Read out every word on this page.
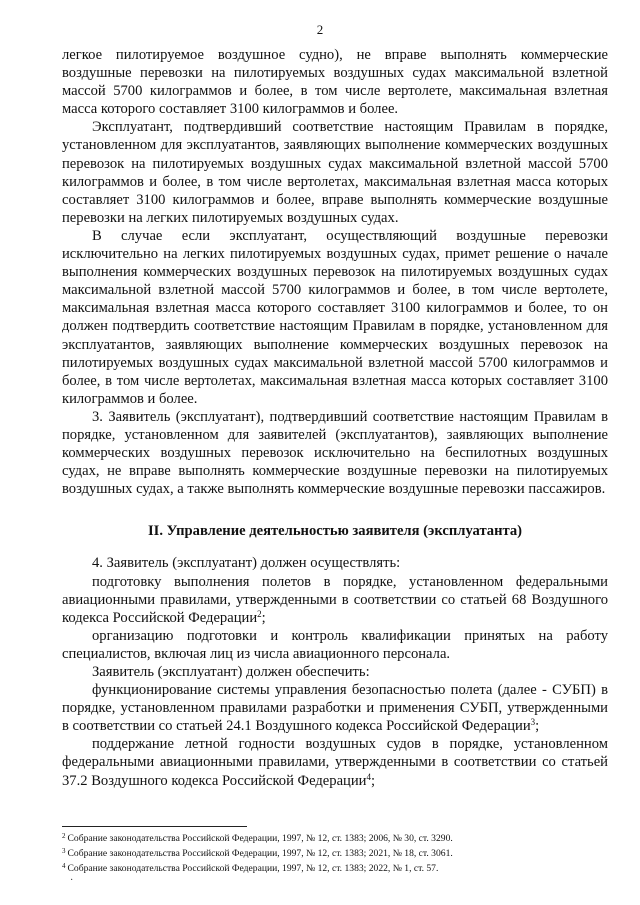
2

легкое пилотируемое воздушное судно), не вправе выполнять коммерческие воздушные перевозки на пилотируемых воздушных судах максимальной взлетной массой 5700 килограммов и более, в том числе вертолете, максимальная взлетная масса которого составляет 3100 килограммов и более.

Эксплуатант, подтвердивший соответствие настоящим Правилам в порядке, установленном для эксплуатантов, заявляющих выполнение коммерческих воздушных перевозок на пилотируемых воздушных судах максимальной взлетной массой 5700 килограммов и более, в том числе вертолетах, максимальная взлетная масса которых составляет 3100 килограммов и более, вправе выполнять коммерческие воздушные перевозки на легких пилотируемых воздушных судах.

В случае если эксплуатант, осуществляющий воздушные перевозки исключительно на легких пилотируемых воздушных судах, примет решение о начале выполнения коммерческих воздушных перевозок на пилотируемых воздушных судах максимальной взлетной массой 5700 килограммов и более, в том числе вертолете, максимальная взлетная масса которого составляет 3100 килограммов и более, то он должен подтвердить соответствие настоящим Правилам в порядке, установленном для эксплуатантов, заявляющих выполнение коммерческих воздушных перевозок на пилотируемых воздушных судах максимальной взлетной массой 5700 килограммов и более, в том числе вертолетах, максимальная взлетная масса которых составляет 3100 килограммов и более.

3. Заявитель (эксплуатант), подтвердивший соответствие настоящим Правилам в порядке, установленном для заявителей (эксплуатантов), заявляющих выполнение коммерческих воздушных перевозок исключительно на беспилотных воздушных судах, не вправе выполнять коммерческие воздушные перевозки на пилотируемых воздушных судах, а также выполнять коммерческие воздушные перевозки пассажиров.

II. Управление деятельностью заявителя (эксплуатанта)

4. Заявитель (эксплуатант) должен осуществлять:

подготовку выполнения полетов в порядке, установленном федеральными авиационными правилами, утвержденными в соответствии со статьей 68 Воздушного кодекса Российской Федерации$^2$;

организацию подготовки и контроль квалификации принятых на работу специалистов, включая лиц из числа авиационного персонала.

Заявитель (эксплуатант) должен обеспечить:

функционирование системы управления безопасностью полета (далее - СУБП) в порядке, установленном правилами разработки и применения СУБП, утвержденными в соответствии со статьей 24.1 Воздушного кодекса Российской Федерации$^3$;

поддержание летной годности воздушных судов в порядке, установленном федеральными авиационными правилами, утвержденными в соответствии со статьей 37.2 Воздушного кодекса Российской Федерации$^4$;

$^2$ Собрание законодательства Российской Федерации, 1997, № 12, ст. 1383; 2006, № 30, ст. 3290.

$^3$ Собрание законодательства Российской Федерации, 1997, № 12, ст. 1383; 2021, № 18, ст. 3061.

$^4$ Собрание законодательства Российской Федерации, 1997, № 12, ст. 1383; 2022, № 1, ст. 57.

·
